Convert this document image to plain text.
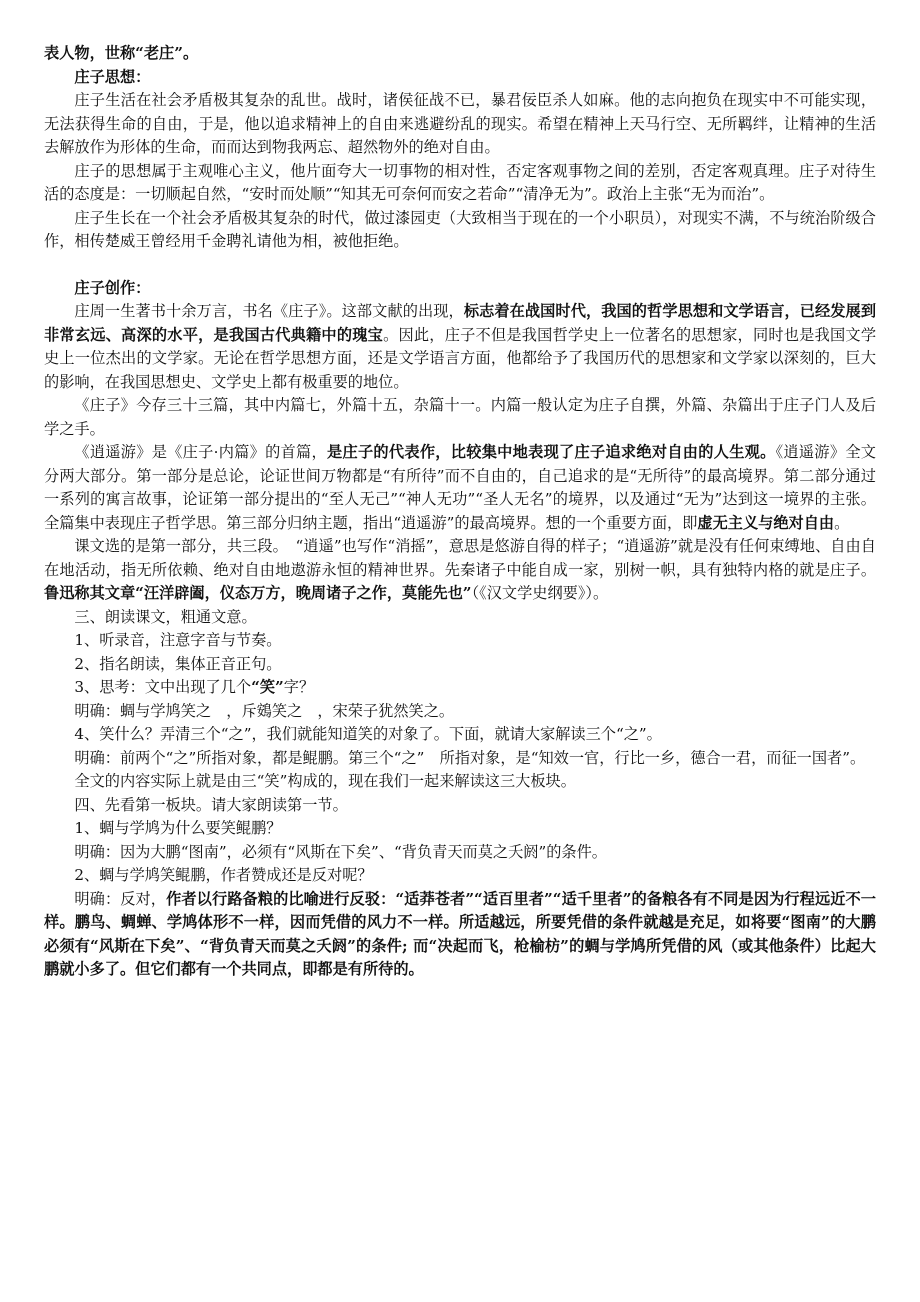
表人物，世称“老庄”。

庄子思想：

庄子生活在社会矛盾极其复杂的乱世。战时，诸侯征战不已，暴君佞臣杀人如麻。他的志向抱负在现实中不可能实现，无法获得生命的自由，于是，他以追求精神上的自由来逃避纷乱的现实。希望在精神上天马行空、无所羁绊，让精神的生活去解放作为形体的生命，而而达到物我两忘、超然物外的绝对自由。

庄子的思想属于主观唯心主义，他片面夸大一切事物的相对性，否定客观事物之间的差别，否定客观真理。庄子对待生活的态度是：一切顺起自然，“安时而处顺”“知其无可奈何而安之若命”“清净无为”。政治上主张“无为而治”。

庄子生长在一个社会矛盾极其复杂的时代，做过漆园吏（大致相当于现在的一个小职员），对现实不满，不与统治阶级合作，相传楚威王曾经用千金聘礼请他为相，被他拒绝。

庄子创作：

庄周一生著书十余万言，书名《庄子》。这部文献的出现，标志着在战国时代，我国的哲学思想和文学语言，已经发展到非常玄远、高深的水平，是我国古代典籍中的瑰宝。因此，庄子不但是我国哲学史上一位著名的思想家，同时也是我国文学史上一位杰出的文学家。无论在哲学思想方面，还是文学语言方面，他都给予了我国历代的思想家和文学家以深刻的，巨大的影响，在我国思想史、文学史上都有极重要的地位。

《庄子》今存三十三篇，其中内篇七，外篇十五，杂篇十一。内篇一般认定为庄子自撰，外篇、杂篇出于庄子门人及后学之手。

《逍遥游》是《庄子·内篇》的首篇，是庄子的代表作，比较集中地表现了庄子追求绝对自由的人生观。《逍遥游》全文分两大部分。第一部分是总论，论证世间万物都是“有所待”而不自由的，自己追求的是“无所待”的最高境界。第二部分通过一系列的寓言故事，论证第一部分提出的“至人无己”“神人无功”“圣人无名”的境界，以及通过“无为”达到这一境界的主张。全篇集中表现庄子哲学思。第三部分归纳主题，指出“逍遥游”的最高境界。想的一个重要方面，即虚无主义与绝对自由。

课文选的是第一部分，共三段。　“逍遥”也写作“消摇”，意思是悠游自得的样子；“逍遥游”就是没有任何束缚地、自由自在地活动，指无所依赖、绝对自由地遨游永恒的精神世界。先秦诸子中能自成一家，别树一帜，具有独特内格的就是庄子。鲁迅称其文章“汪洋辟阖，仪态万方，晚周诸子之作，莫能先也”（《汉文学史纲要》）。

三、朗读课文，粗通文意。

1、听录音，注意字音与节奏。

2、指名朗读，集体正音正句。

3、思考：文中出现了几个“笑”字？

明确：蜩与学鸠笑之　，斥鴳笑之　，宋荣子犹然笑之。

4、笑什么？弄清三个“之”，我们就能知道笑的对象了。下面，就请大家解读三个“之”。

明确：前两个“之”所指对象，都是鲲鹏。第三个“之”　所指对象，是“知效一官，行比一乡，德合一君，而征一国者”。

全文的内容实际上就是由三“笑”构成的，现在我们一起来解读这三大板块。

四、先看第一板块。请大家朗读第一节。

1、蜩与学鸠为什么要笑鲲鹏？

明确：因为大鹏“图南”，必须有“风斯在下矣”、“背负青天而莫之夭阏”的条件。

2、蜩与学鸠笑鲲鹏，作者赞成还是反对呢？

明确：反对，作者以行路备粮的比喻进行反驳：“适莽苍者”“适百里者”“适千里者”的备粮各有不同是因为行程远近不一样。鹏鸟、蜩蝉、学鸠体形不一样，因而凭借的风力不一样。所适越远，所要凭借的条件就越是充足，如将要“图南”的大鹏必须有“风斯在下矣”、“背负青天而莫之夭阏”的条件; 而“决起而飞，枪榆枋”的蜩与学鸠所凭借的风（或其他条件）比起大鹏就小多了。但它们都有一个共同点，即都是有所待的。
